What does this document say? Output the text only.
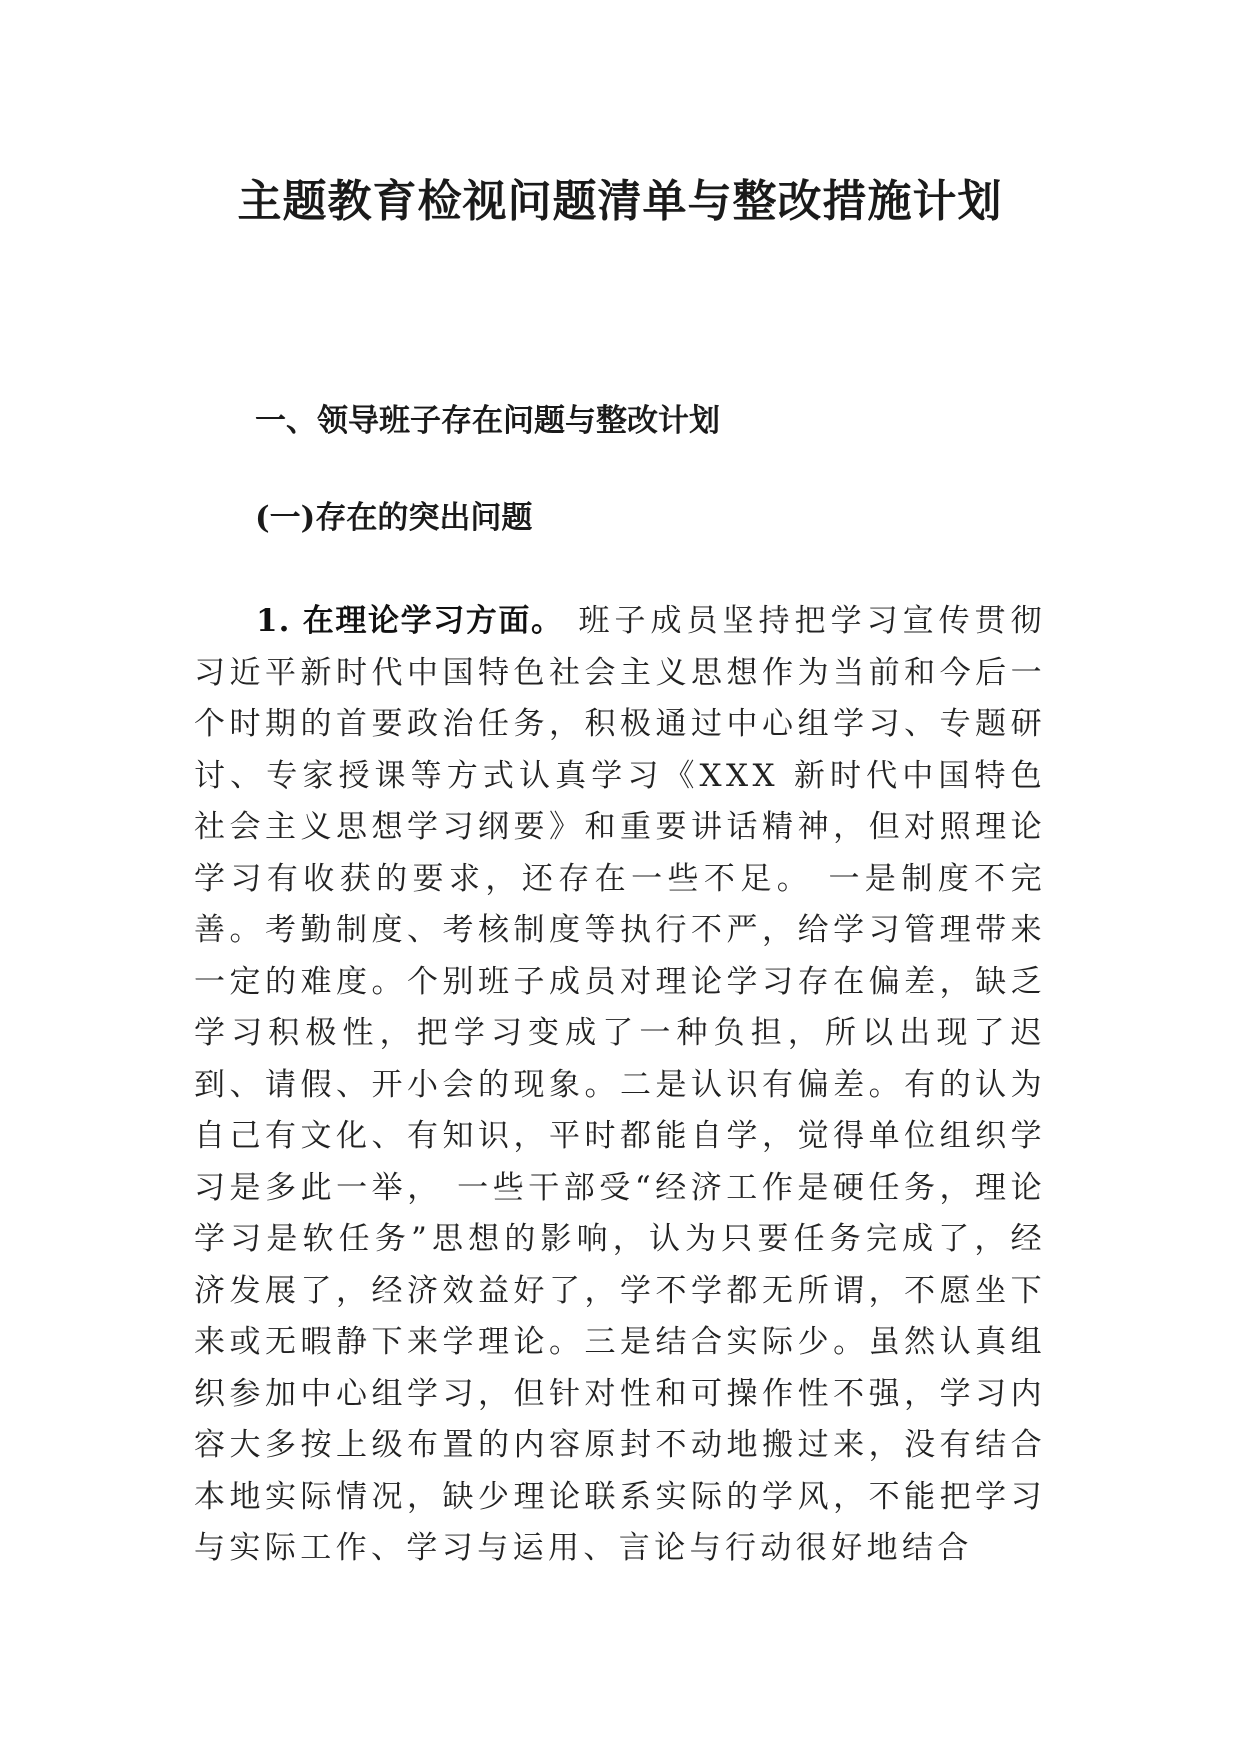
主题教育检视问题清单与整改措施计划
一、领导班子存在问题与整改计划
(一)存在的突出问题

1. 在理论学习方面。 班子成员坚持把学习宣传贯彻习近平新时代中国特色社会主义思想作为当前和今后一个时期的首要政治任务，积极通过中心组学习、专题研讨、专家授课等方式认真学习《XXX 新时代中国特色社会主义思想学习纲要》和重要讲话精神，但对照理论学习有收获的要求，还存在一些不足。 一是制度不完善。考勤制度、考核制度等执行不严，给学习管理带来一定的难度。个别班子成员对理论学习存在偏差，缺乏学习积极性，把学习变成了一种负担，所以出现了迟到、请假、开小会的现象。二是认识有偏差。有的认为自己有文化、有知识，平时都能自学，觉得单位组织学习是多此一举， 一些干部受“经济工作是硬任务，理论学习是软任务”思想的影响，认为只要任务完成了，经济发展了，经济效益好了，学不学都无所谓，不愿坐下来或无暇静下来学理论。三是结合实际少。虽然认真组织参加中心组学习，但针对性和可操作性不强，学习内容大多按上级布置的内容原封不动地搬过来，没有结合本地实际情况，缺少理论联系实际的学风，不能把学习与实际工作、学习与运用、言论与行动很好地结合
